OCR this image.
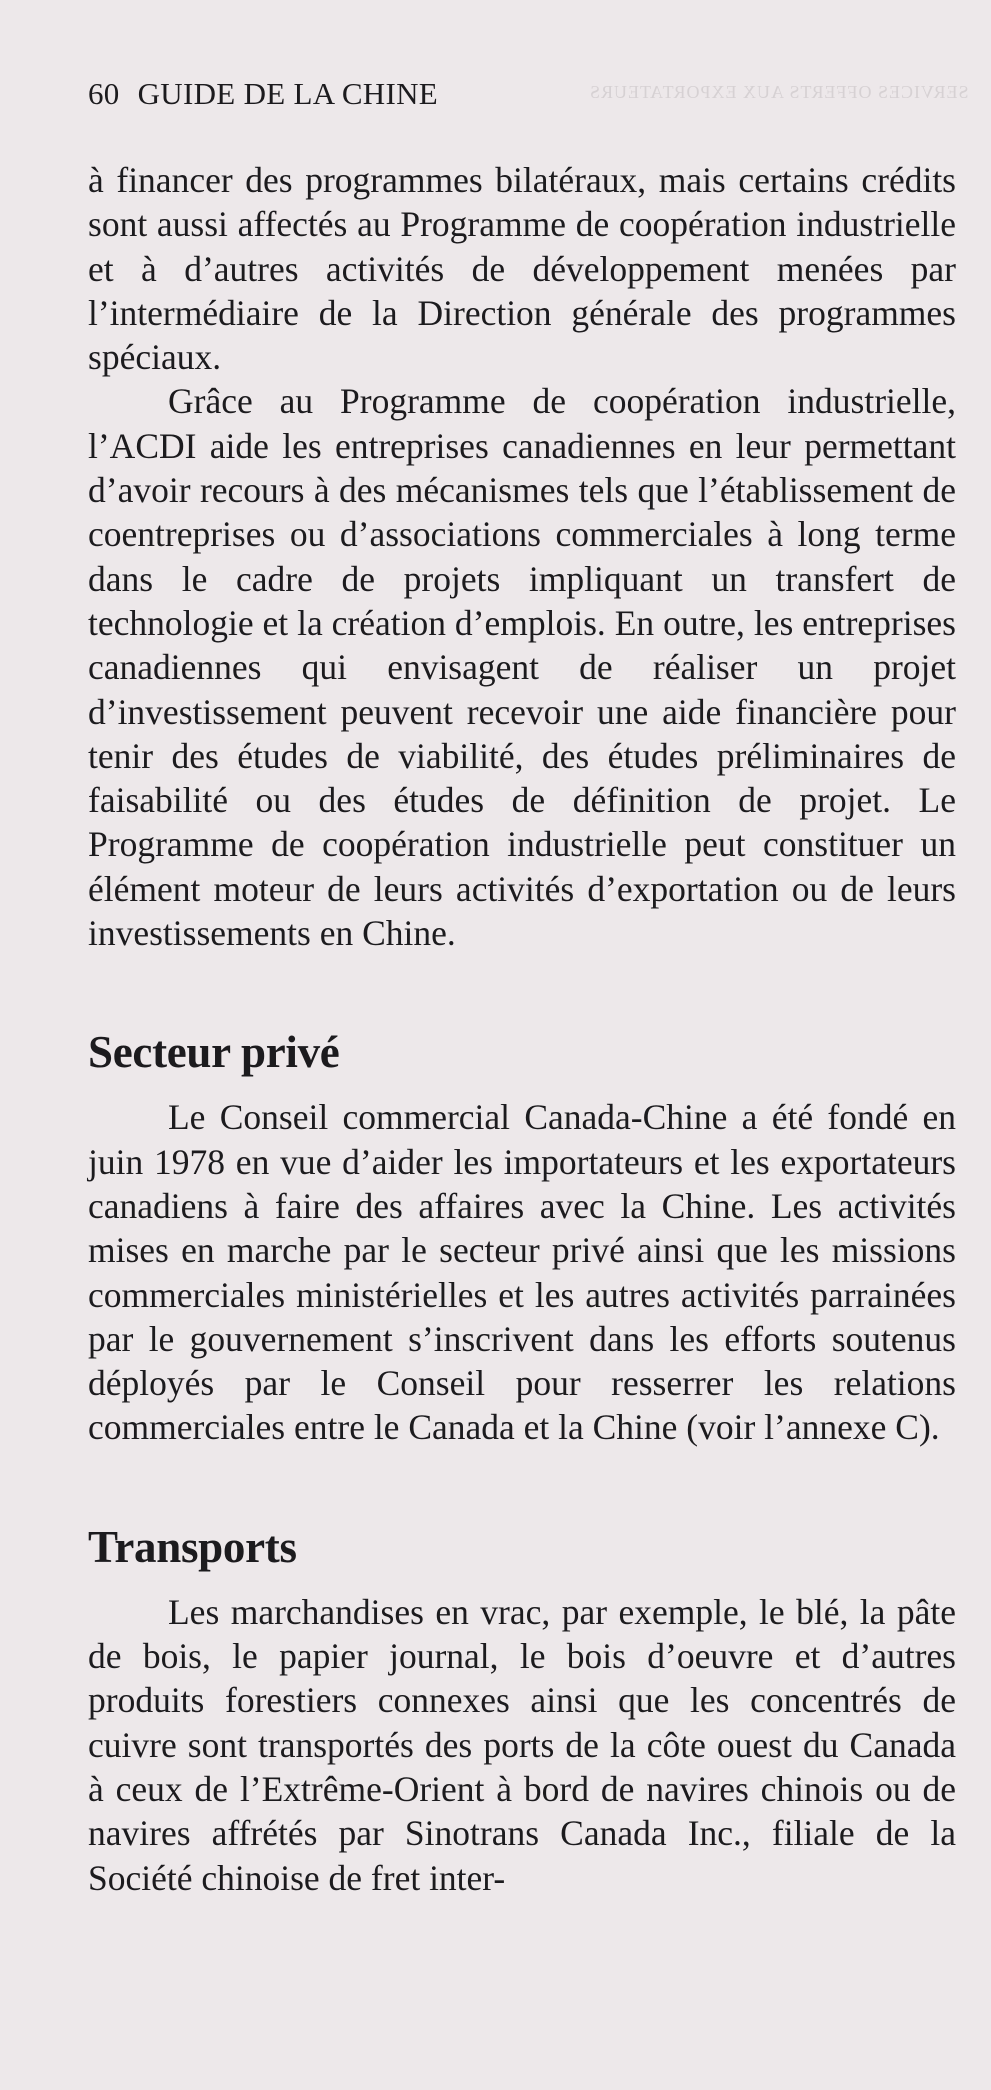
SERVICES OFFERTS AUX EXPORTATEURS
60 GUIDE DE LA CHINE

à financer des programmes bilatéraux, mais certains crédits sont aussi affectés au Programme de coopération industrielle et à d’autres activités de développement menées par l’intermédiaire de la Direction générale des programmes spéciaux.

Grâce au Programme de coopération industrielle, l’ACDI aide les entreprises canadiennes en leur permettant d’avoir recours à des mécanismes tels que l’établissement de coentreprises ou d’associations commerciales à long terme dans le cadre de projets impliquant un transfert de technologie et la création d’emplois. En outre, les entreprises canadiennes qui envisagent de réaliser un projet d’investissement peuvent recevoir une aide financière pour tenir des études de viabilité, des études préliminaires de faisabilité ou des études de définition de projet. Le Programme de coopération industrielle peut constituer un élément moteur de leurs activités d’exportation ou de leurs investissements en Chine.

Secteur privé

Le Conseil commercial Canada-Chine a été fondé en juin 1978 en vue d’aider les importateurs et les exportateurs canadiens à faire des affaires avec la Chine. Les activités mises en marche par le secteur privé ainsi que les missions commerciales ministérielles et les autres activités parrainées par le gouvernement s’inscrivent dans les efforts soutenus déployés par le Conseil pour resserrer les relations commerciales entre le Canada et la Chine (voir l’annexe C).

Transports

Les marchandises en vrac, par exemple, le blé, la pâte de bois, le papier journal, le bois d’oeuvre et d’autres produits forestiers connexes ainsi que les concentrés de cuivre sont transportés des ports de la côte ouest du Canada à ceux de l’Extrême-Orient à bord de navires chinois ou de navires affrétés par Sinotrans Canada Inc., filiale de la Société chinoise de fret inter-
